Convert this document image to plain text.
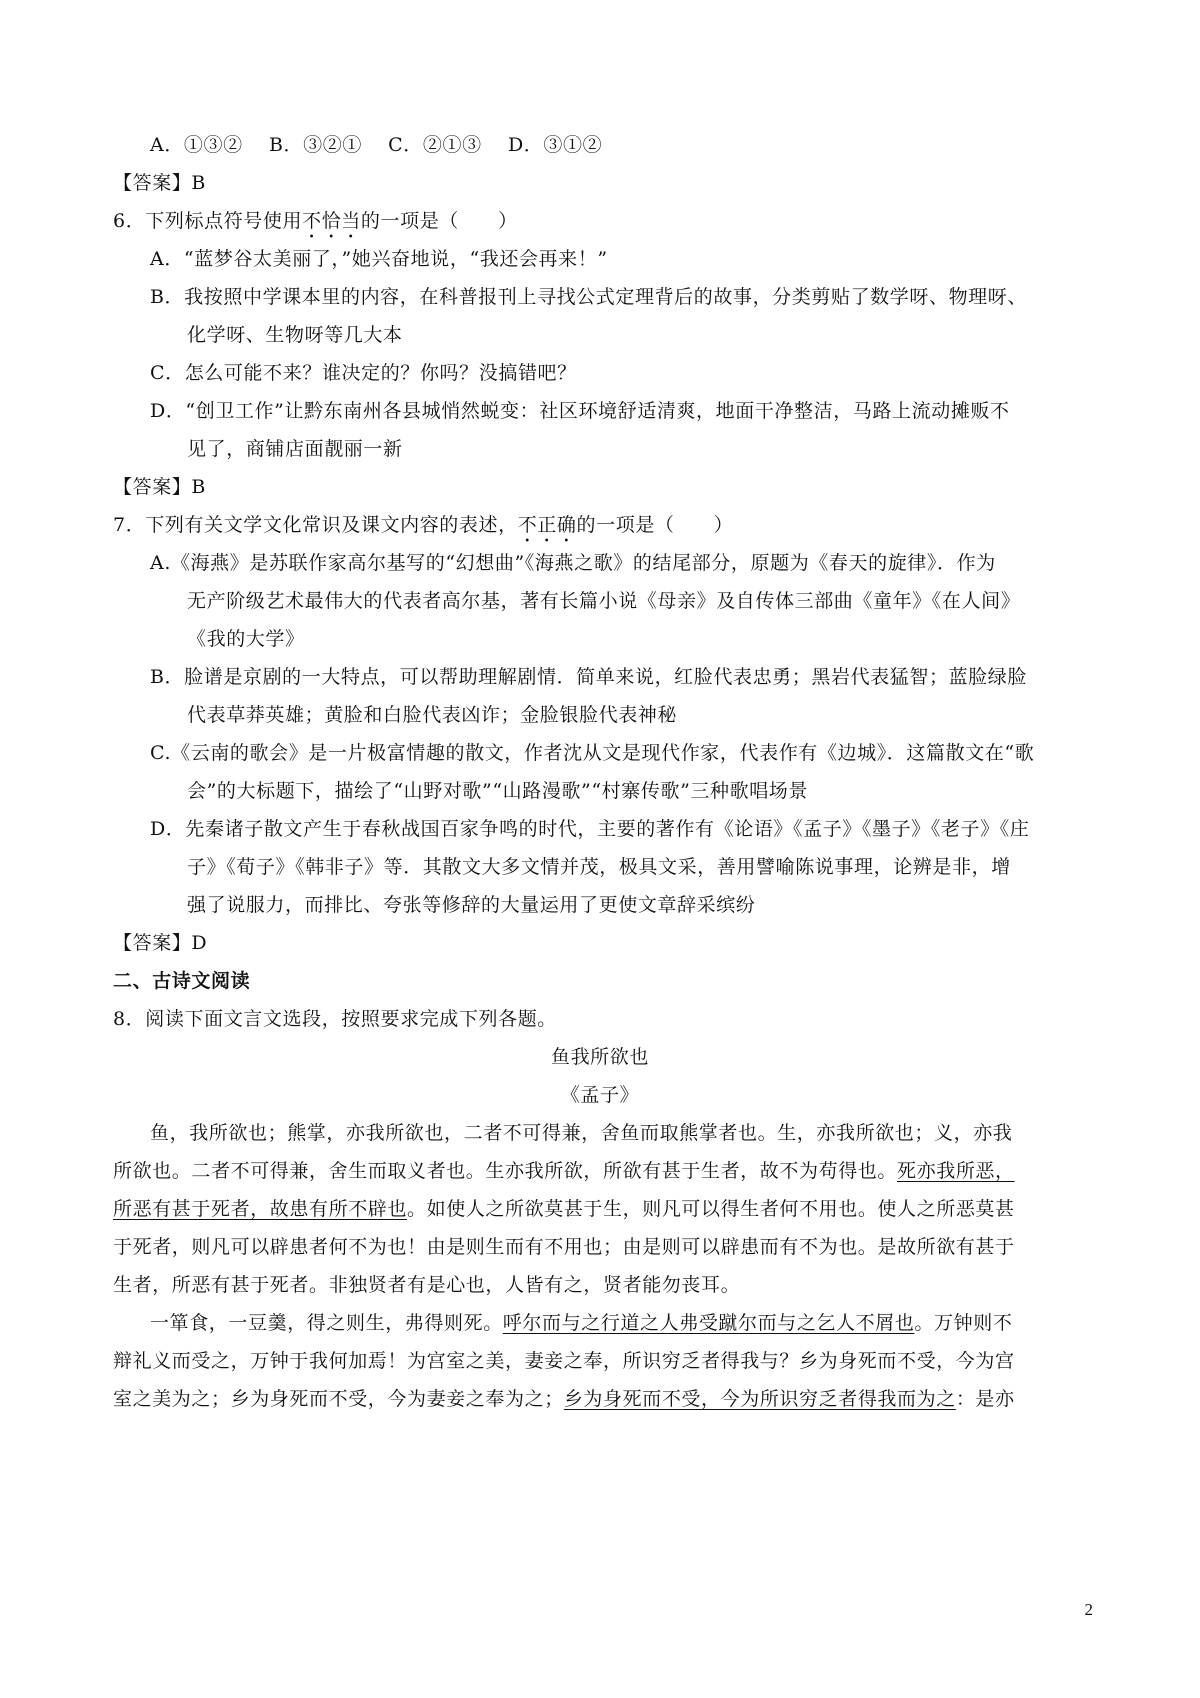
A．①③②　 B．③②①　 C．②①③　 D．③①②
【答案】B
6．下列标点符号使用不恰当的一项是（　　）
A．“蓝梦谷太美丽了，”她兴奋地说，“我还会再来！”
B．我按照中学课本里的内容，在科普报刊上寻找公式定理背后的故事，分类剪贴了数学呀、物理呀、
化学呀、生物呀等几大本
C．怎么可能不来？谁决定的？你吗？没搞错吧？
D．“创卫工作”让黔东南州各县城悄然蜕变：社区环境舒适清爽，地面干净整洁，马路上流动摊贩不
见了，商铺店面靓丽一新
【答案】B
7．下列有关文学文化常识及课文内容的表述，不正确的一项是（　　）
A.《海燕》是苏联作家高尔基写的“幻想曲”《海燕之歌》的结尾部分，原题为《春天的旋律》．作为
无产阶级艺术最伟大的代表者高尔基，著有长篇小说《母亲》及自传体三部曲《童年》《在人间》
《我的大学》
B．脸谱是京剧的一大特点，可以帮助理解剧情．简单来说，红脸代表忠勇；黑岩代表猛智；蓝脸绿脸
代表草莽英雄；黄脸和白脸代表凶诈；金脸银脸代表神秘
C.《云南的歌会》是一片极富情趣的散文，作者沈从文是现代作家，代表作有《边城》．这篇散文在“歌
会”的大标题下，描绘了“山野对歌”“山路漫歌”“村寨传歌”三种歌唱场景
D．先秦诸子散文产生于春秋战国百家争鸣的时代，主要的著作有《论语》《孟子》《墨子》《老子》《庄
子》《荀子》《韩非子》等．其散文大多文情并茂，极具文采，善用譬喻陈说事理，论辨是非，增
强了说服力，而排比、夸张等修辞的大量运用了更使文章辞采缤纷
【答案】D
二、古诗文阅读
8．阅读下面文言文选段，按照要求完成下列各题。
鱼我所欲也
《孟子》
鱼，我所欲也；熊掌，亦我所欲也，二者不可得兼，舍鱼而取熊掌者也。生，亦我所欲也；义，亦我
所欲也。二者不可得兼，舍生而取义者也。生亦我所欲，所欲有甚于生者，故不为苟得也。死亦我所恶，
所恶有甚于死者，故患有所不辟也。如使人之所欲莫甚于生，则凡可以得生者何不用也。使人之所恶莫甚
于死者，则凡可以辟患者何不为也！由是则生而有不用也；由是则可以辟患而有不为也。是故所欲有甚于
生者，所恶有甚于死者。非独贤者有是心也，人皆有之，贤者能勿丧耳。
一箪食，一豆羹，得之则生，弗得则死。呼尔而与之行道之人弗受蹴尔而与之乞人不屑也。万钟则不
辩礼义而受之，万钟于我何加焉！为宫室之美，妻妾之奉，所识穷乏者得我与？乡为身死而不受，今为宫
室之美为之；乡为身死而不受，今为妻妾之奉为之；乡为身死而不受，今为所识穷乏者得我而为之：是亦
2
